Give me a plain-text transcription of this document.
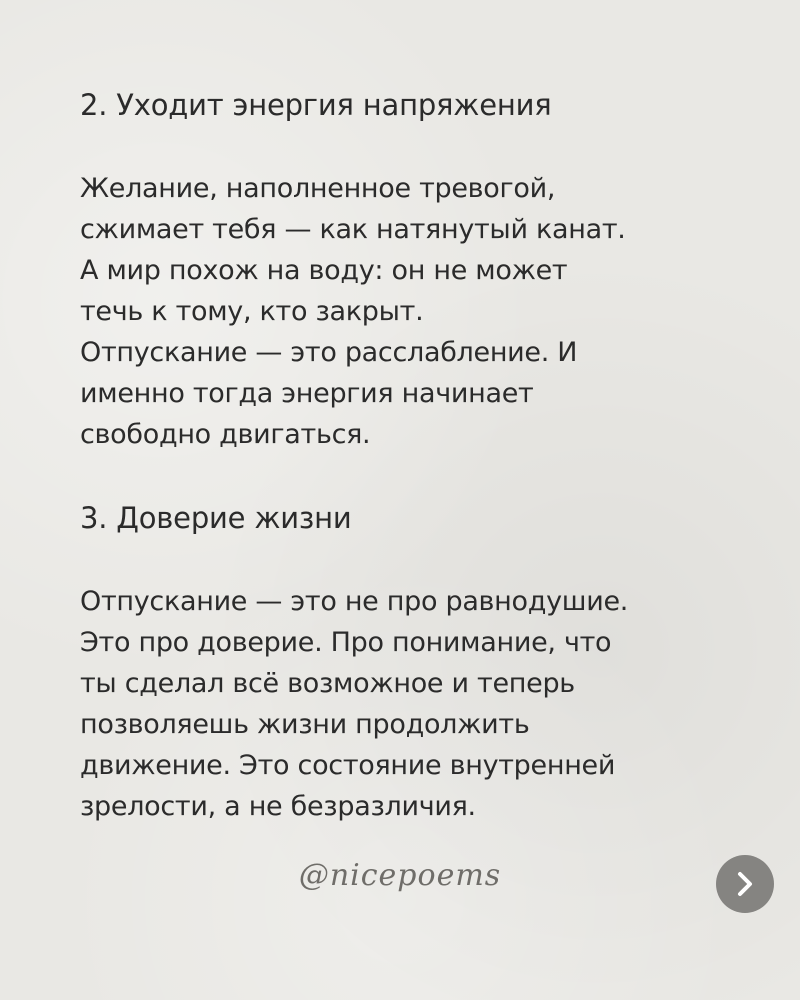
2. Уходит энергия напряжения

Желание, наполненное тревогой,
сжимает тебя — как натянутый канат.
А мир похож на воду: он не может
течь к тому, кто закрыт.
Отпускание — это расслабление. И
именно тогда энергия начинает
свободно двигаться.

3. Доверие жизни

Отпускание — это не про равнодушие.
Это про доверие. Про понимание, что
ты сделал всё возможное и теперь
позволяешь жизни продолжить
движение. Это состояние внутренней
зрелости, а не безразличия.

@nicepoems
